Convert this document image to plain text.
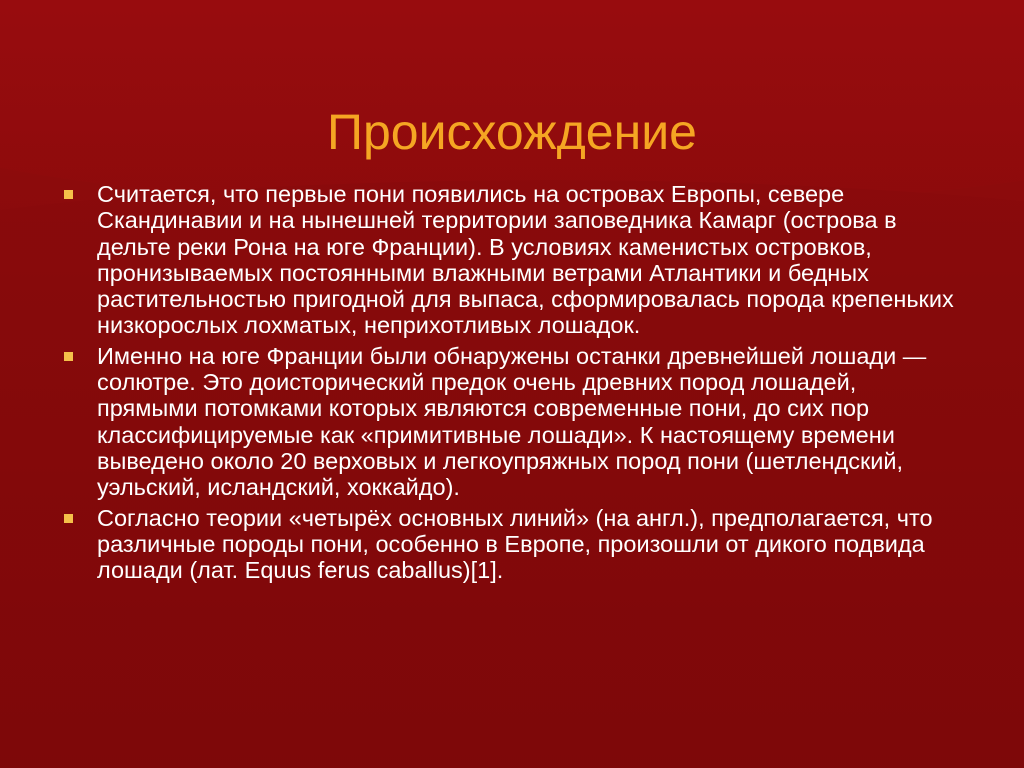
Происхождение
Считается, что первые пони появились на островах Европы, севере Скандинавии и на нынешней территории заповедника Камарг (острова в дельте реки Рона на юге Франции). В условиях каменистых островков, пронизываемых постоянными влажными ветрами Атлантики и бедных растительностью пригодной для выпаса, сформировалась порода крепеньких низкорослых лохматых, неприхотливых лошадок.
Именно на юге Франции были обнаружены останки древнейшей лошади — солютре. Это доисторический предок очень древних пород лошадей, прямыми потомками которых являются современные пони, до сих пор классифицируемые как «примитивные лошади». К настоящему времени выведено около 20 верховых и легкоупряжных пород пони (шетлендский, уэльский, исландский, хоккайдо).
Согласно теории «четырёх основных линий» (на англ.), предполагается, что различные породы пони, особенно в Европе, произошли от дикого подвида лошади (лат. Equus ferus caballus)[1].
